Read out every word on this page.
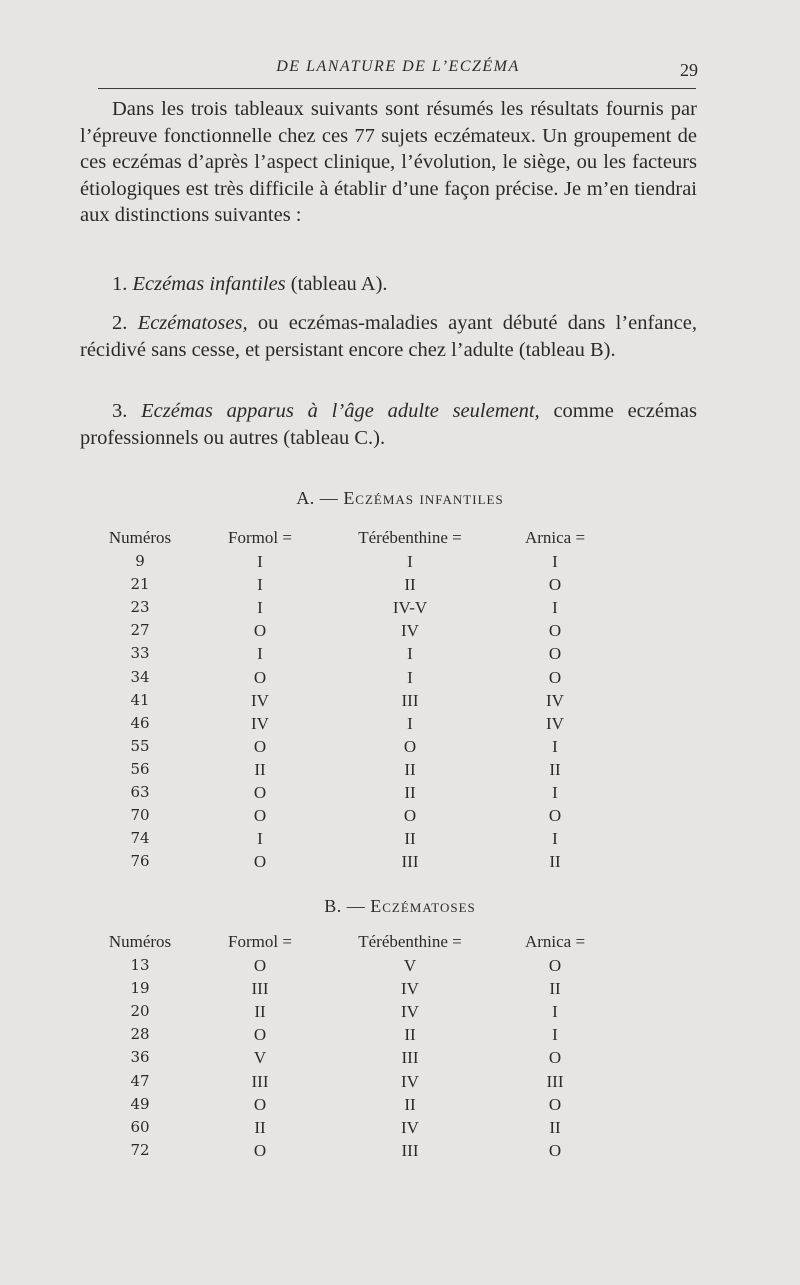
DE LANATURE DE L’ECZÉMA	29

Dans les trois tableaux suivants sont résumés les résultats fournis par l’épreuve fonctionnelle chez ces 77 sujets eczémateux. Un groupement de ces eczémas d’après l’aspect clinique, l’évolution, le siège, ou les facteurs étiologiques est très difficile à établir d’une façon précise. Je m’en tiendrai aux distinctions suivantes :

1. Eczémas infantiles (tableau A).

2. Eczématoses, ou eczémas-maladies ayant débuté dans l’enfance, récidivé sans cesse, et persistant encore chez l’adulte (tableau B).

3. Eczémas apparus à l’âge adulte seulement, comme eczémas professionnels ou autres (tableau C.).

A. — Eczémas infantiles
Numéros	Formol =	Térébenthine =	Arnica =
9	I	I	I
21	I	II	O
23	I	IV-V	I
27	O	IV	O
33	I	I	O
34	O	I	O
41	IV	III	IV
46	IV	I	IV
55	O	O	I
56	II	II	II
63	O	II	I
70	O	O	O
74	I	II	I
76	O	III	II
B. — Eczématoses
Numéros	Formol =	Térébenthine =	Arnica =
13	O	V	O
19	III	IV	II
20	II	IV	I
28	O	II	I
36	V	III	O
47	III	IV	III
49	O	II	O
60	II	IV	II
72	O	III	O
